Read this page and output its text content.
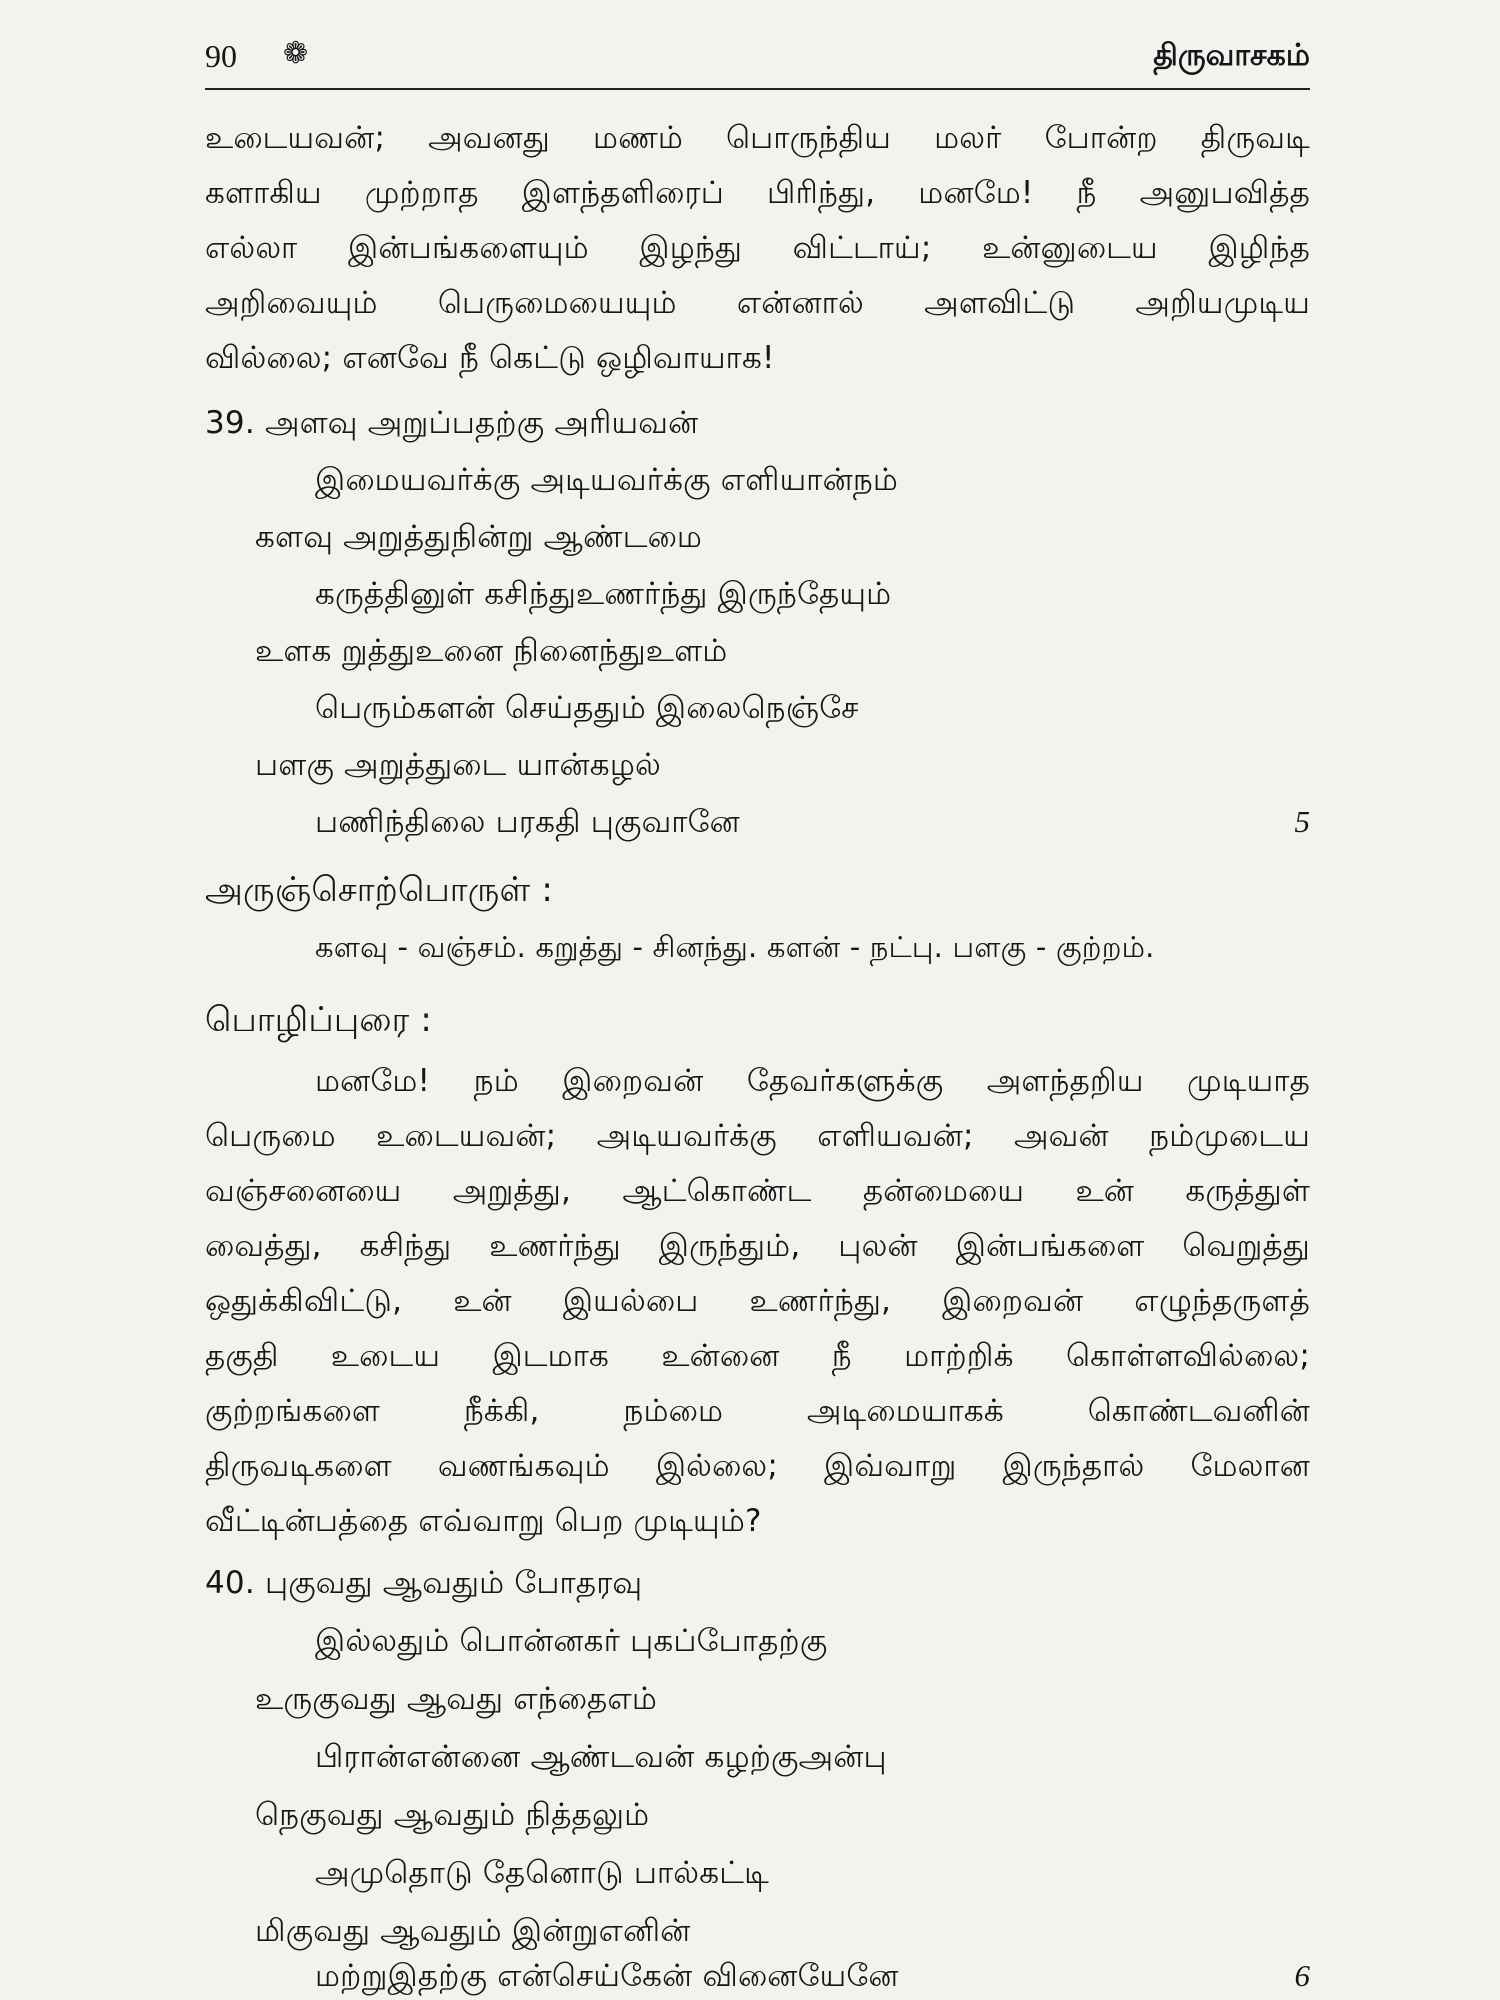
90 ❁	திருவாசகம்
உடையவன்; அவனது மணம் பொருந்திய மலர் போன்ற திருவடி
களாகிய முற்றாத இளந்தளிரைப் பிரிந்து, மனமே! நீ அனுபவித்த
எல்லா இன்பங்களையும் இழந்து விட்டாய்; உன்னுடைய இழிந்த
அறிவையும் பெருமையையும் என்னால் அளவிட்டு அறியமுடிய
வில்லை; எனவே நீ கெட்டு ஒழிவாயாக!
39. அளவு அறுப்பதற்கு அரியவன்
இமையவர்க்கு அடியவர்க்கு எளியான்நம்
களவு அறுத்துநின்று ஆண்டமை
கருத்தினுள் கசிந்துஉணர்ந்து இருந்தேயும்
உளக றுத்துஉனை நினைந்துஉளம்
பெரும்களன் செய்ததும் இலைநெஞ்சே
பளகு அறுத்துடை யான்கழல்
பணிந்திலை பரகதி புகுவானே	5
அருஞ்சொற்பொருள் :
களவு - வஞ்சம். கறுத்து - சினந்து. களன் - நட்பு. பளகு - குற்றம்.
பொழிப்புரை :
மனமே! நம் இறைவன் தேவர்களுக்கு அளந்தறிய முடியாத
பெருமை உடையவன்; அடியவர்க்கு எளியவன்; அவன் நம்முடைய
வஞ்சனையை அறுத்து, ஆட்கொண்ட தன்மையை உன் கருத்துள்
வைத்து, கசிந்து உணர்ந்து இருந்தும், புலன் இன்பங்களை வெறுத்து
ஒதுக்கிவிட்டு, உன் இயல்பை உணர்ந்து, இறைவன் எழுந்தருளத்
தகுதி உடைய இடமாக உன்னை நீ மாற்றிக் கொள்ளவில்லை;
குற்றங்களை நீக்கி, நம்மை அடிமையாகக் கொண்டவனின்
திருவடிகளை வணங்கவும் இல்லை; இவ்வாறு இருந்தால் மேலான
வீட்டின்பத்தை எவ்வாறு பெற முடியும்?
40. புகுவது ஆவதும் போதரவு
இல்லதும் பொன்னகர் புகப்போதற்கு
உருகுவது ஆவது எந்தைஎம்
பிரான்என்னை ஆண்டவன் கழற்குஅன்பு
நெகுவது ஆவதும் நித்தலும்
அமுதொடு தேனொடு பால்கட்டி
மிகுவது ஆவதும் இன்றுஎனின்
மற்றுஇதற்கு என்செய்கேன் வினையேனே	6
